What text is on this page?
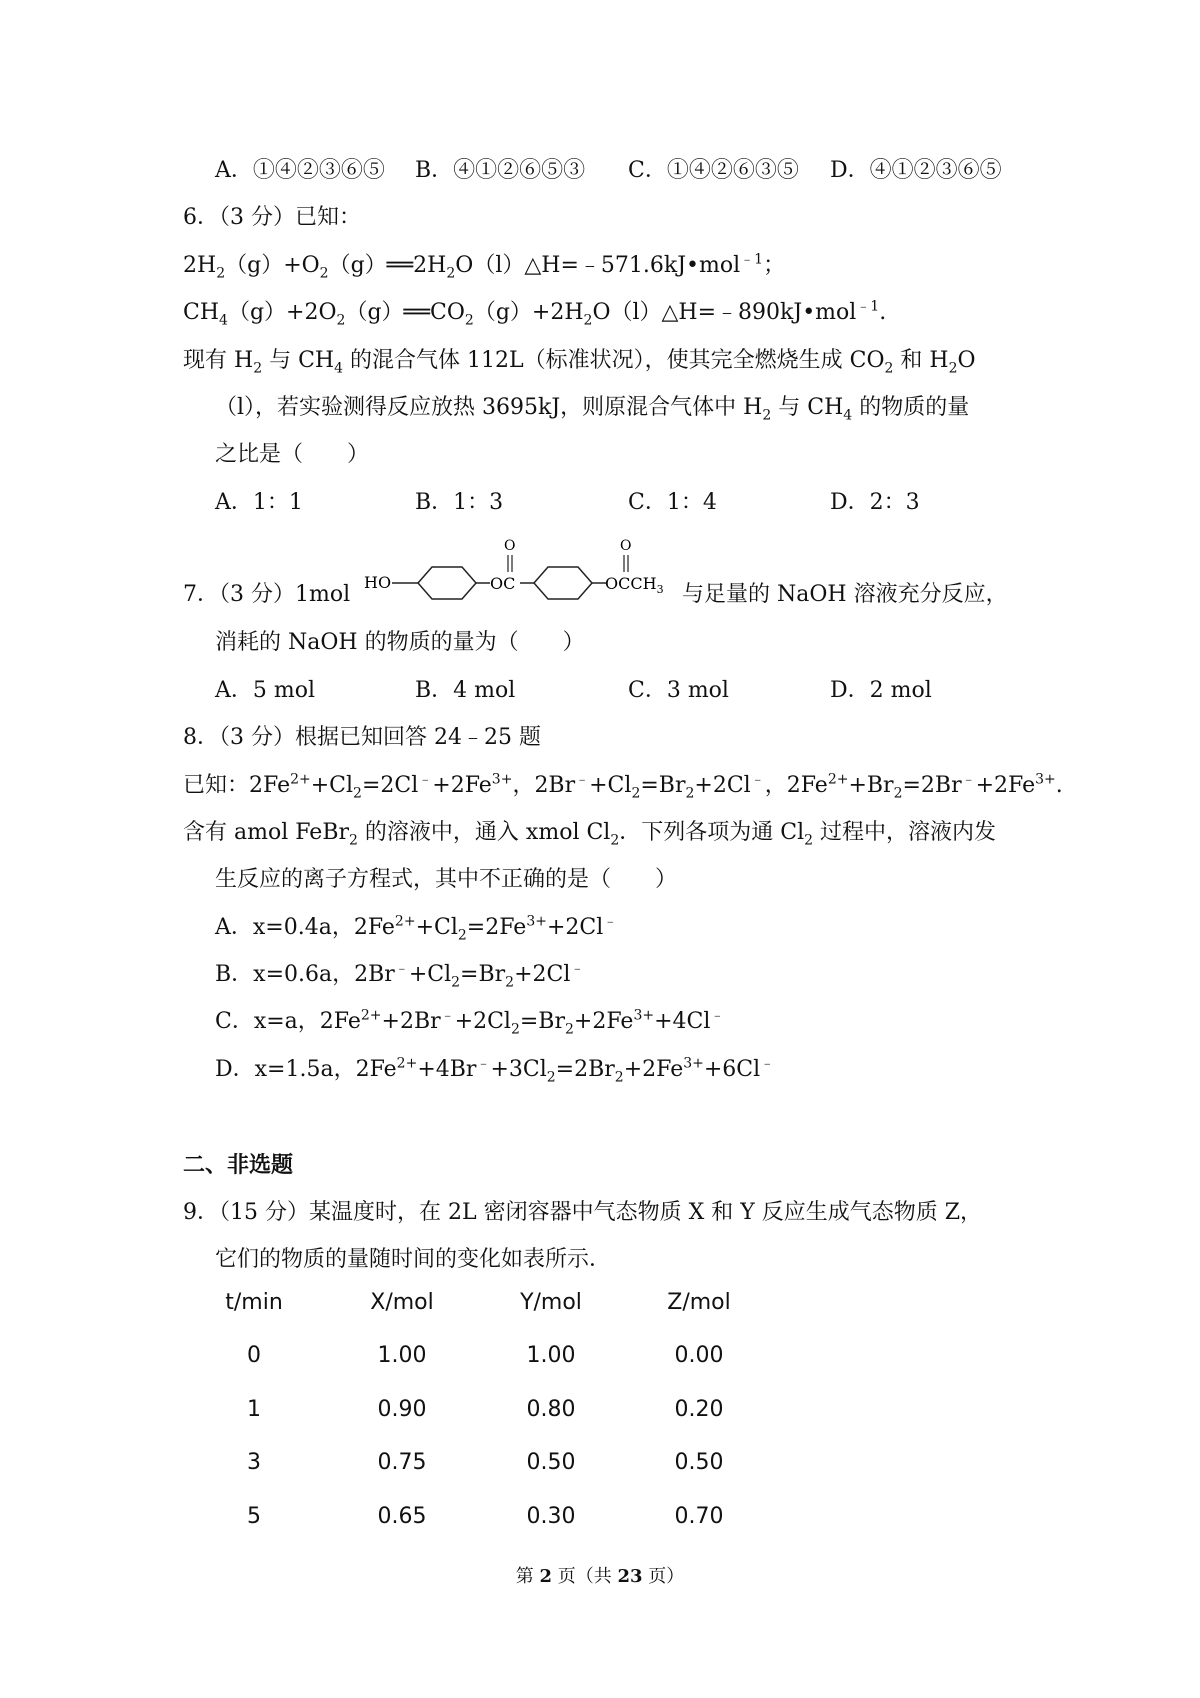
A．①④②③⑥⑤ B．④①②⑥⑤③ C．①④②⑥③⑤ D．④①②③⑥⑤
6．（3 分）已知：
$2H_2(g)+O_2(g)══2H_2O(l)\triangle H=﹣571.6kJ•mol^{﹣1}$；
$CH_4(g)+2O_2(g)══CO_2(g)+2H_2O(l)\triangle H=﹣890kJ•mol^{﹣1}$.
现有 $H_2$ 与 $CH_4$ 的混合气体 112L（标准状况），使其完全燃烧生成 $CO_2$ 和 $H_2O$
（l），若实验测得反应放热 3695kJ，则原混合气体中 $H_2$ 与 $CH_4$ 的物质的量
之比是（　　）
A．1：1	B．1：3	C．1：4	D．2：3
7．（3 分）1mol HO	OC
O
$OCCH_3$
O
与足量的 NaOH 溶液充分反应，
消耗的 NaOH 的物质的量为（　　）
A．5 mol	B．4 mol	C．3 mol	D．2 mol
8．（3 分）根据已知回答 24﹣25 题
已知：$2Fe^{2+}+Cl_2=2Cl^﹣+2Fe^{3+}$，$2Br^﹣+Cl_2=Br_2+2Cl^﹣$，$2Fe^{2+}+Br_2=2Br^﹣+2Fe^{3+}$.
含有 amol FeBr$_2$ 的溶液中，通入 xmol $Cl_2$．下列各项为通 $Cl_2$ 过程中，溶液内发
生反应的离子方程式，其中不正确的是（　　）
A．x=0.4a，$2Fe^{2+}+Cl_2=2Fe^{3+}+2Cl^﹣$
B．x=0.6a，$2Br^﹣+Cl_2=Br_2+2Cl^﹣$
C．x=a，$2Fe^{2+}+2Br^﹣+2Cl_2=Br_2+2Fe^{3+}+4Cl^﹣$
D．x=1.5a，$2Fe^{2+}+4Br^﹣+3Cl_2=2Br_2+2Fe^{3+}+6Cl^﹣$
二、非选题
9．（15 分）某温度时，在 2L 密闭容器中气态物质 X 和 Y 反应生成气态物质 Z，
它们的物质的量随时间的变化如表所示．
t/min	X/mol	Y/mol	Z/mol
0	1.00	1.00	0.00
1	0.90	0.80	0.20
3	0.75	0.50	0.50
5	0.65	0.30	0.70
第 2 页（共 23 页）
